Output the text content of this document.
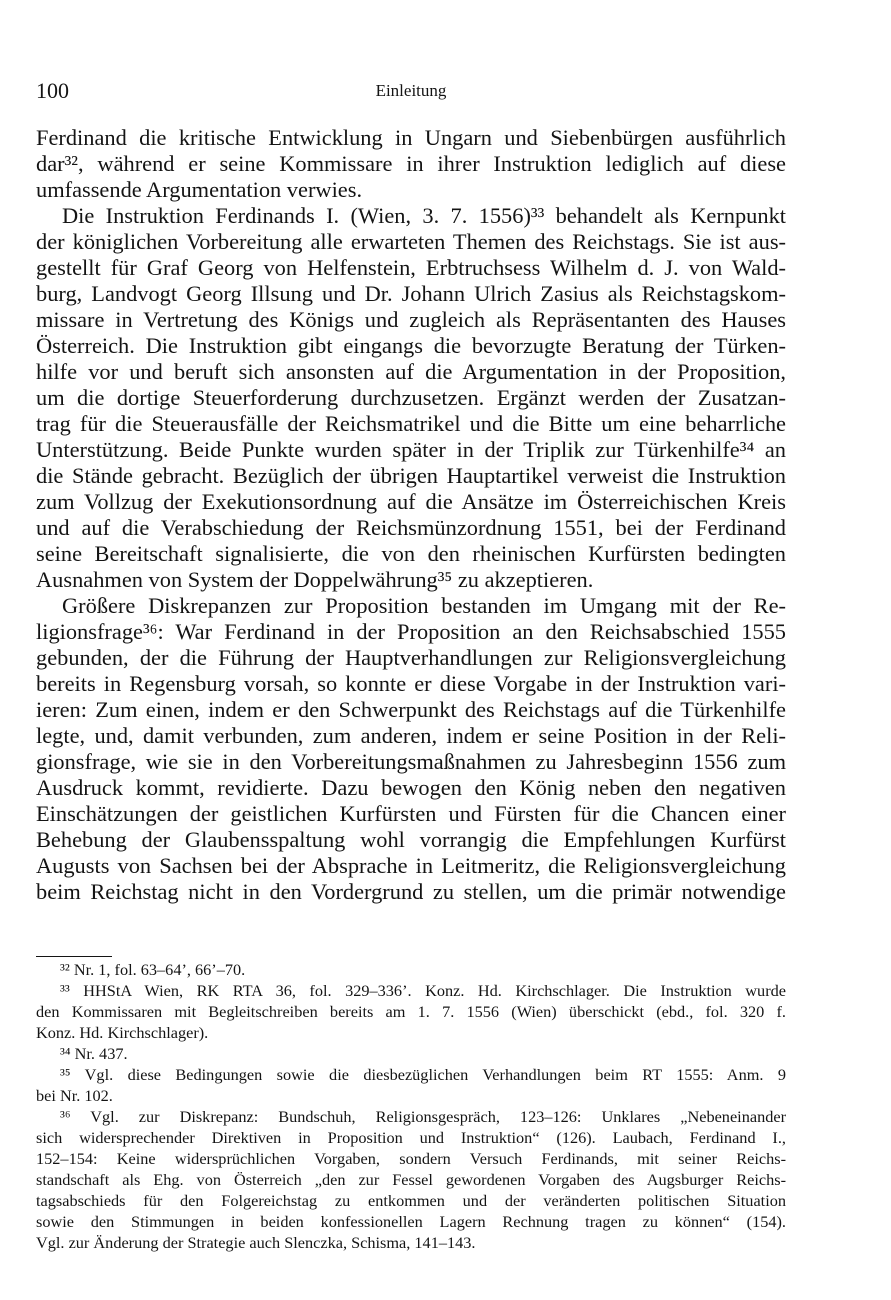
100	Einleitung
Ferdinand die kritische Entwicklung in Ungarn und Siebenbürgen ausführlich
dar³², während er seine Kommissare in ihrer Instruktion lediglich auf diese
umfassende Argumentation verwies.
Die Instruktion Ferdinands I. (Wien, 3. 7. 1556)³³ behandelt als Kernpunkt
der königlichen Vorbereitung alle erwarteten Themen des Reichstags. Sie ist aus-
gestellt für Graf Georg von Helfenstein, Erbtruchsess Wilhelm d. J. von Wald-
burg, Landvogt Georg Illsung und Dr. Johann Ulrich Zasius als Reichstagskom-
missare in Vertretung des Königs und zugleich als Repräsentanten des Hauses
Österreich. Die Instruktion gibt eingangs die bevorzugte Beratung der Türken-
hilfe vor und beruft sich ansonsten auf die Argumentation in der Proposition,
um die dortige Steuerforderung durchzusetzen. Ergänzt werden der Zusatzan-
trag für die Steuerausfälle der Reichsmatrikel und die Bitte um eine beharrliche
Unterstützung. Beide Punkte wurden später in der Triplik zur Türkenhilfe³⁴ an
die Stände gebracht. Bezüglich der übrigen Hauptartikel verweist die Instruktion
zum Vollzug der Exekutionsordnung auf die Ansätze im Österreichischen Kreis
und auf die Verabschiedung der Reichsmünzordnung 1551, bei der Ferdinand
seine Bereitschaft signalisierte, die von den rheinischen Kurfürsten bedingten
Ausnahmen von System der Doppelwährung³⁵ zu akzeptieren.
Größere Diskrepanzen zur Proposition bestanden im Umgang mit der Re-
ligionsfrage³⁶: War Ferdinand in der Proposition an den Reichsabschied 1555
gebunden, der die Führung der Hauptverhandlungen zur Religionsvergleichung
bereits in Regensburg vorsah, so konnte er diese Vorgabe in der Instruktion vari-
ieren: Zum einen, indem er den Schwerpunkt des Reichstags auf die Türkenhilfe
legte, und, damit verbunden, zum anderen, indem er seine Position in der Reli-
gionsfrage, wie sie in den Vorbereitungsmaßnahmen zu Jahresbeginn 1556 zum
Ausdruck kommt, revidierte. Dazu bewogen den König neben den negativen
Einschätzungen der geistlichen Kurfürsten und Fürsten für die Chancen einer
Behebung der Glaubensspaltung wohl vorrangig die Empfehlungen Kurfürst
Augusts von Sachsen bei der Absprache in Leitmeritz, die Religionsvergleichung
beim Reichstag nicht in den Vordergrund zu stellen, um die primär notwendige
³² Nr. 1, fol. 63–64’, 66’–70.
³³ HHStA Wien, RK RTA 36, fol. 329–336’. Konz. Hd. Kirchschlager. Die Instruktion wurde
den Kommissaren mit Begleitschreiben bereits am 1. 7. 1556 (Wien) überschickt (ebd., fol. 320 f.
Konz. Hd. Kirchschlager).
³⁴ Nr. 437.
³⁵ Vgl. diese Bedingungen sowie die diesbezüglichen Verhandlungen beim RT 1555: Anm. 9
bei Nr. 102.
³⁶ Vgl. zur Diskrepanz: Bundschuh, Religionsgespräch, 123–126: Unklares „Nebeneinander
sich widersprechender Direktiven in Proposition und Instruktion“ (126). Laubach, Ferdinand I.,
152–154: Keine widersprüchlichen Vorgaben, sondern Versuch Ferdinands, mit seiner Reichs-
standschaft als Ehg. von Österreich „den zur Fessel gewordenen Vorgaben des Augsburger Reichs-
tagsabschieds für den Folgereichstag zu entkommen und der veränderten politischen Situation
sowie den Stimmungen in beiden konfessionellen Lagern Rechnung tragen zu können“ (154).
Vgl. zur Änderung der Strategie auch Slenczka, Schisma, 141–143.
